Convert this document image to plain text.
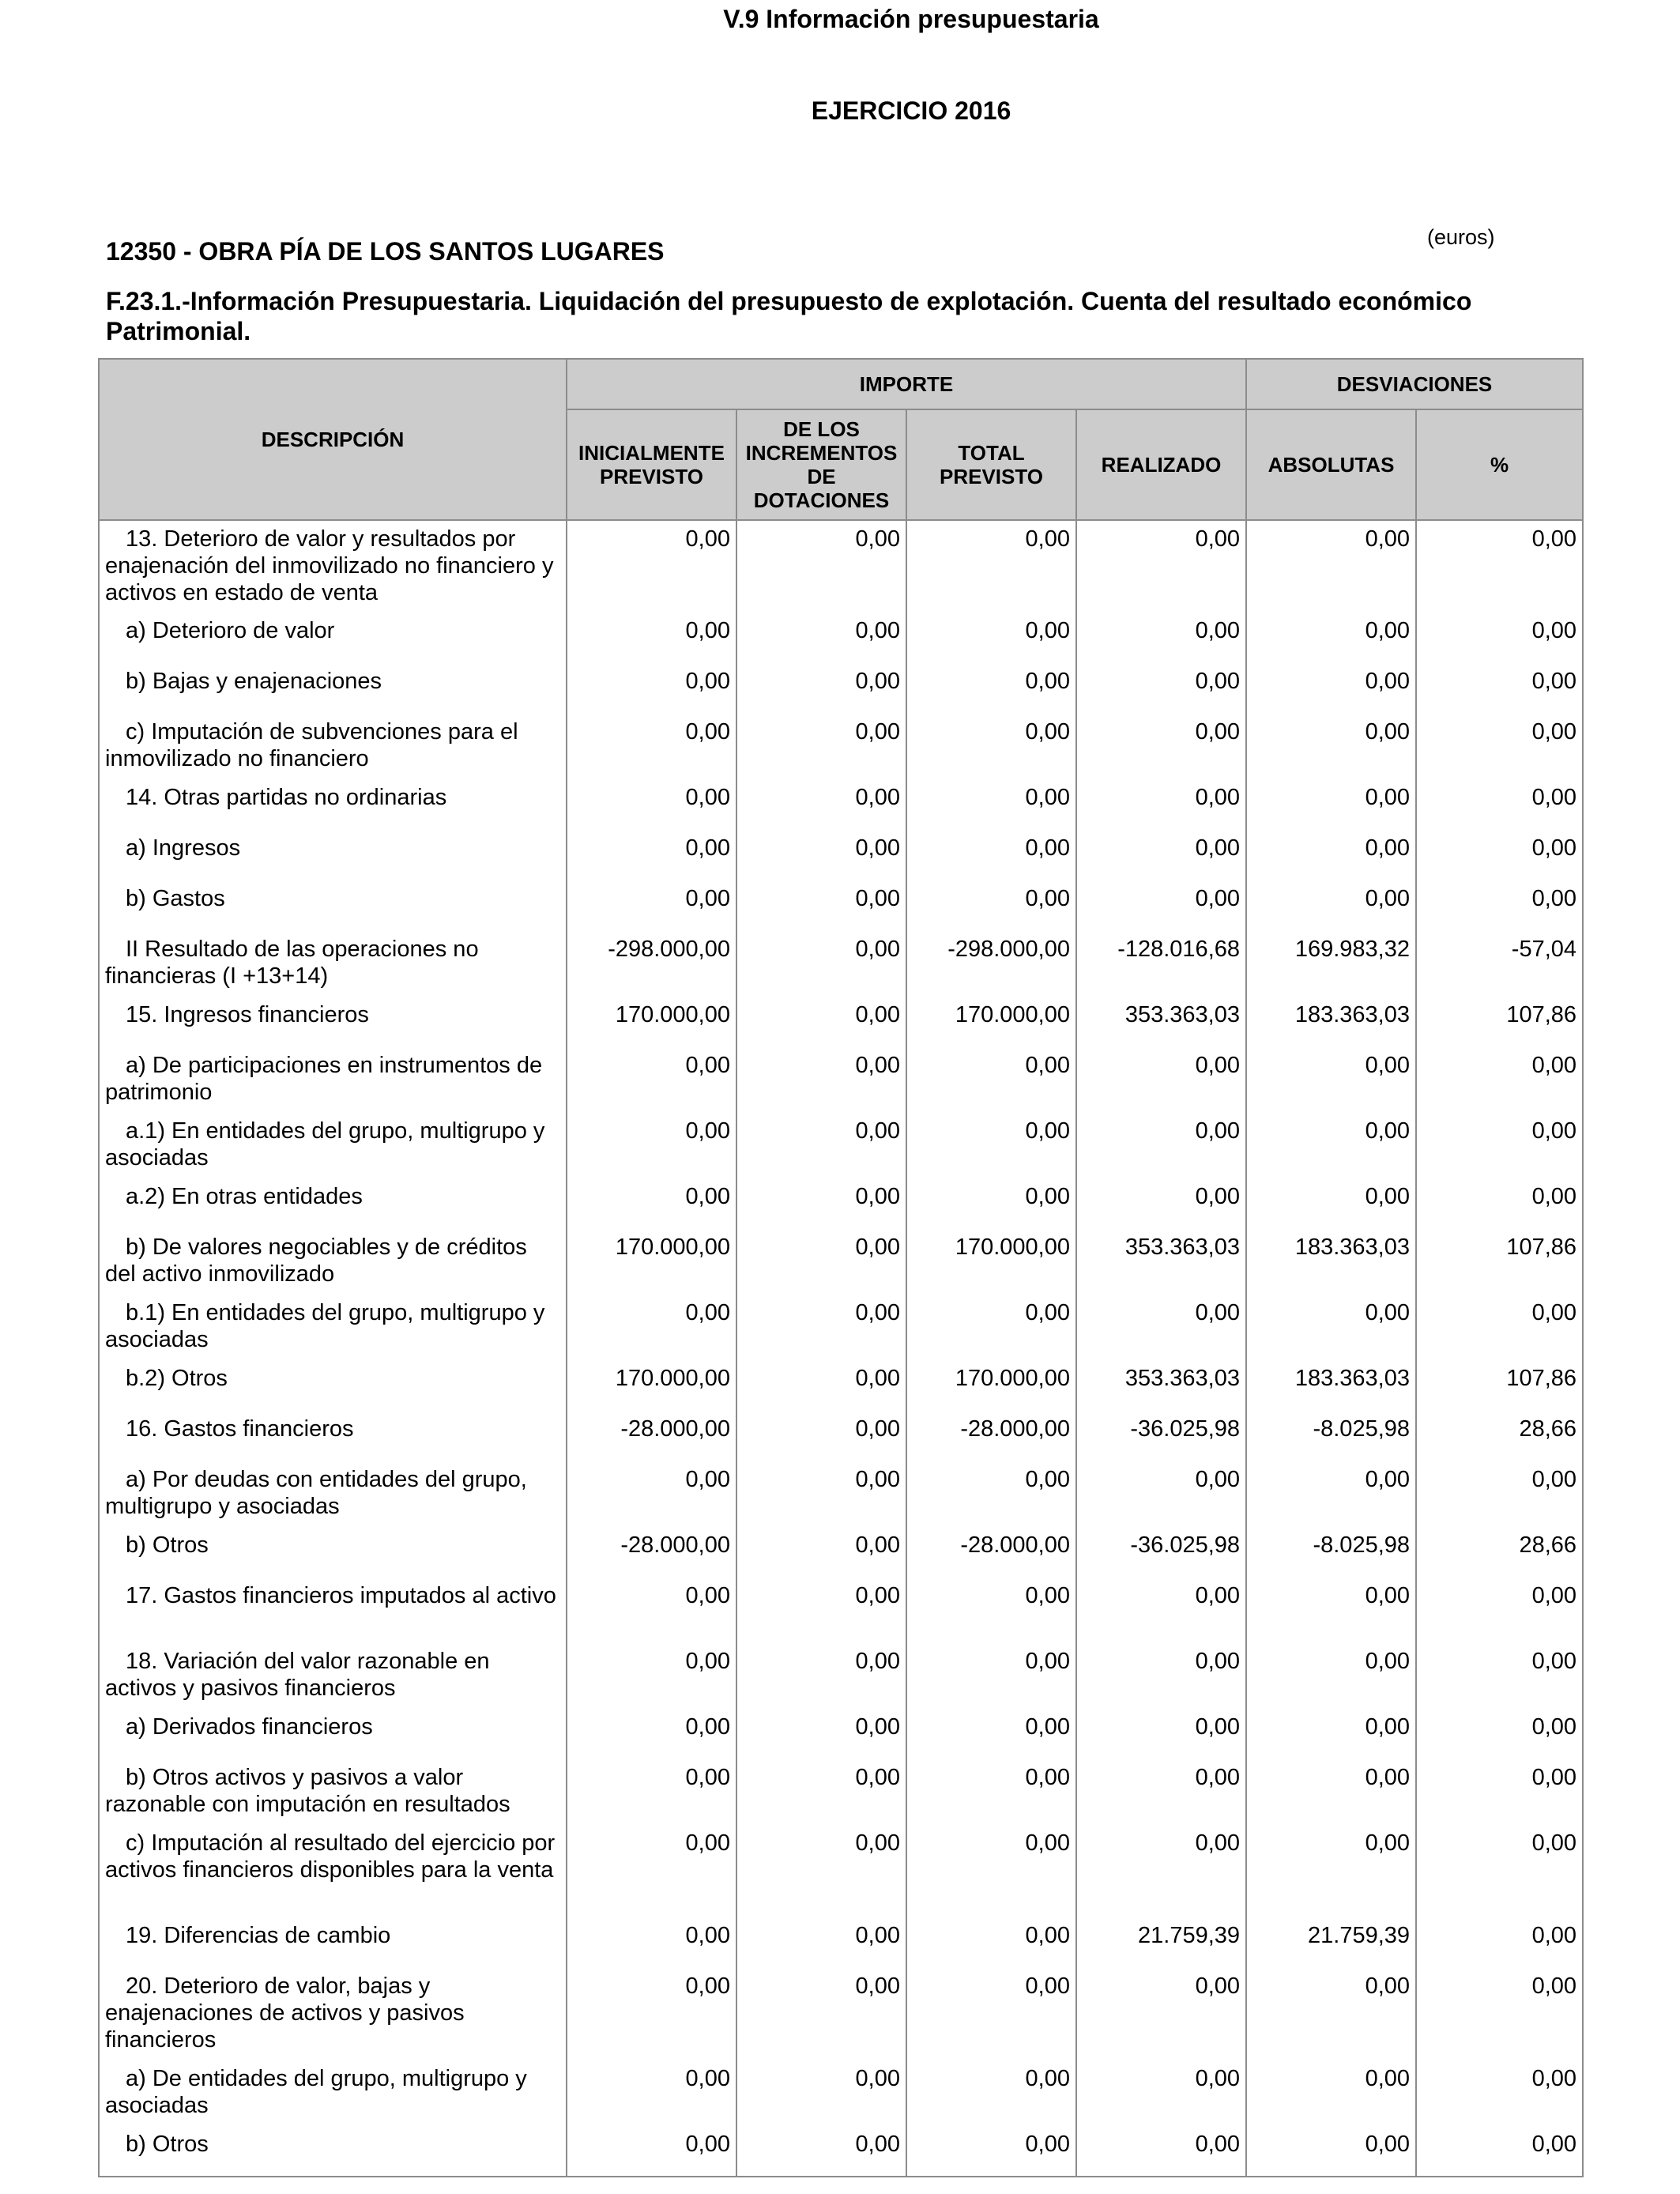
V.9 Información presupuestaria
EJERCICIO 2016
12350 - OBRA PÍA DE LOS SANTOS LUGARES	(euros)
F.23.1.-Información Presupuestaria. Liquidación del presupuesto de explotación. Cuenta del resultado económico Patrimonial.
DESCRIPCIÓN	IMPORTE				DESVIACIONES	
	INICIALMENTE PREVISTO	DE LOS INCREMENTOS DE DOTACIONES	TOTAL PREVISTO	REALIZADO	ABSOLUTAS	%
13. Deterioro de valor y resultados por enajenación del inmovilizado no financiero y activos en estado de venta	0,00	0,00	0,00	0,00	0,00	0,00
a) Deterioro de valor	0,00	0,00	0,00	0,00	0,00	0,00
b) Bajas y enajenaciones	0,00	0,00	0,00	0,00	0,00	0,00
c) Imputación de subvenciones para el inmovilizado no financiero	0,00	0,00	0,00	0,00	0,00	0,00
14. Otras partidas no ordinarias	0,00	0,00	0,00	0,00	0,00	0,00
a) Ingresos	0,00	0,00	0,00	0,00	0,00	0,00
b) Gastos	0,00	0,00	0,00	0,00	0,00	0,00
II Resultado de las operaciones no financieras (I +13+14)	-298.000,00	0,00	-298.000,00	-128.016,68	169.983,32	-57,04
15. Ingresos financieros	170.000,00	0,00	170.000,00	353.363,03	183.363,03	107,86
a) De participaciones en instrumentos de patrimonio	0,00	0,00	0,00	0,00	0,00	0,00
a.1) En entidades del grupo, multigrupo y asociadas	0,00	0,00	0,00	0,00	0,00	0,00
a.2) En otras entidades	0,00	0,00	0,00	0,00	0,00	0,00
b) De valores negociables y de créditos del activo inmovilizado	170.000,00	0,00	170.000,00	353.363,03	183.363,03	107,86
b.1) En entidades del grupo, multigrupo y asociadas	0,00	0,00	0,00	0,00	0,00	0,00
b.2) Otros	170.000,00	0,00	170.000,00	353.363,03	183.363,03	107,86
16. Gastos financieros	-28.000,00	0,00	-28.000,00	-36.025,98	-8.025,98	28,66
a) Por deudas con entidades del grupo, multigrupo y asociadas	0,00	0,00	0,00	0,00	0,00	0,00
b) Otros	-28.000,00	0,00	-28.000,00	-36.025,98	-8.025,98	28,66
17. Gastos financieros imputados al activo	0,00	0,00	0,00	0,00	0,00	0,00
18. Variación del valor razonable en activos y pasivos financieros	0,00	0,00	0,00	0,00	0,00	0,00
a) Derivados financieros	0,00	0,00	0,00	0,00	0,00	0,00
b) Otros activos y pasivos a valor razonable con imputación en resultados	0,00	0,00	0,00	0,00	0,00	0,00
c) Imputación al resultado del ejercicio por activos financieros disponibles para la venta	0,00	0,00	0,00	0,00	0,00	0,00
19. Diferencias de cambio	0,00	0,00	0,00	21.759,39	21.759,39	0,00
20. Deterioro de valor, bajas y enajenaciones de activos y pasivos financieros	0,00	0,00	0,00	0,00	0,00	0,00
a) De entidades del grupo, multigrupo y asociadas	0,00	0,00	0,00	0,00	0,00	0,00
b) Otros	0,00	0,00	0,00	0,00	0,00	0,00
